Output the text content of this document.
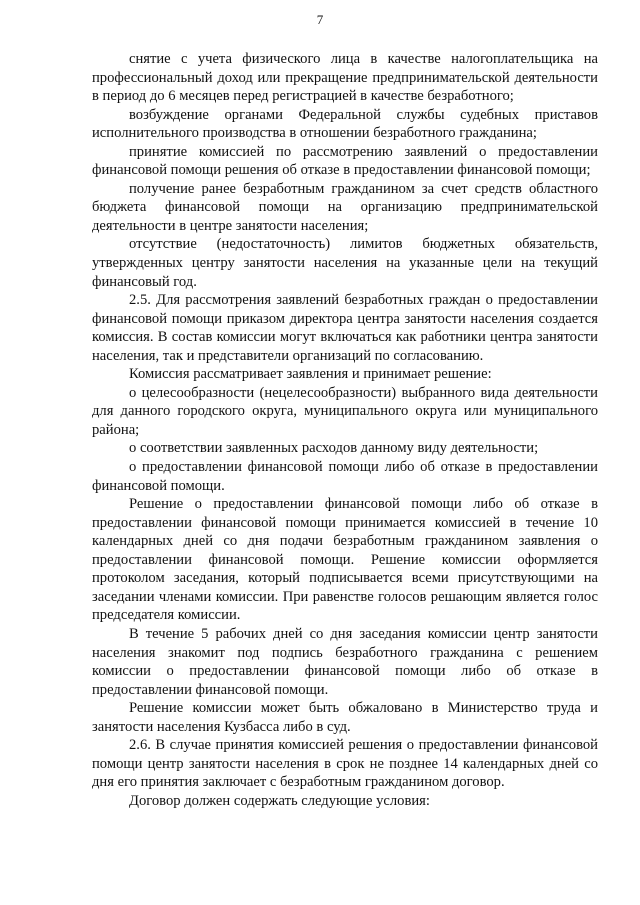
7

снятие с учета физического лица в качестве налогоплательщика на профессиональный доход или прекращение предпринимательской деятельности в период до 6 месяцев перед регистрацией в качестве безработного;

возбуждение органами Федеральной службы судебных приставов исполнительного производства в отношении безработного гражданина;

принятие комиссией по рассмотрению заявлений о предоставлении финансовой помощи решения об отказе в предоставлении финансовой помощи;

получение ранее безработным гражданином за счет средств областного бюджета финансовой помощи на организацию предпринимательской деятельности в центре занятости населения;

отсутствие (недостаточность) лимитов бюджетных обязательств, утвержденных центру занятости населения на указанные цели на текущий финансовый год.

2.5. Для рассмотрения заявлений безработных граждан о предоставлении финансовой помощи приказом директора центра занятости населения создается комиссия. В состав комиссии могут включаться как работники центра занятости населения, так и представители организаций по согласованию.

Комиссия рассматривает заявления и принимает решение:

о целесообразности (нецелесообразности) выбранного вида деятельности для данного городского округа, муниципального округа или муниципального района;

о соответствии заявленных расходов данному виду деятельности;

о предоставлении финансовой помощи либо об отказе в предоставлении финансовой помощи.

Решение о предоставлении финансовой помощи либо об отказе в предоставлении финансовой помощи принимается комиссией в течение 10 календарных дней со дня подачи безработным гражданином заявления о предоставлении финансовой помощи. Решение комиссии оформляется протоколом заседания, который подписывается всеми присутствующими на заседании членами комиссии. При равенстве голосов решающим является голос председателя комиссии.

В течение 5 рабочих дней со дня заседания комиссии центр занятости населения знакомит под подпись безработного гражданина с решением комиссии о предоставлении финансовой помощи либо об отказе в предоставлении финансовой помощи.

Решение комиссии может быть обжаловано в Министерство труда и занятости населения Кузбасса либо в суд.

2.6. В случае принятия комиссией решения о предоставлении финансовой помощи центр занятости населения в срок не позднее 14 календарных дней со дня его принятия заключает с безработным гражданином договор.

Договор должен содержать следующие условия:
